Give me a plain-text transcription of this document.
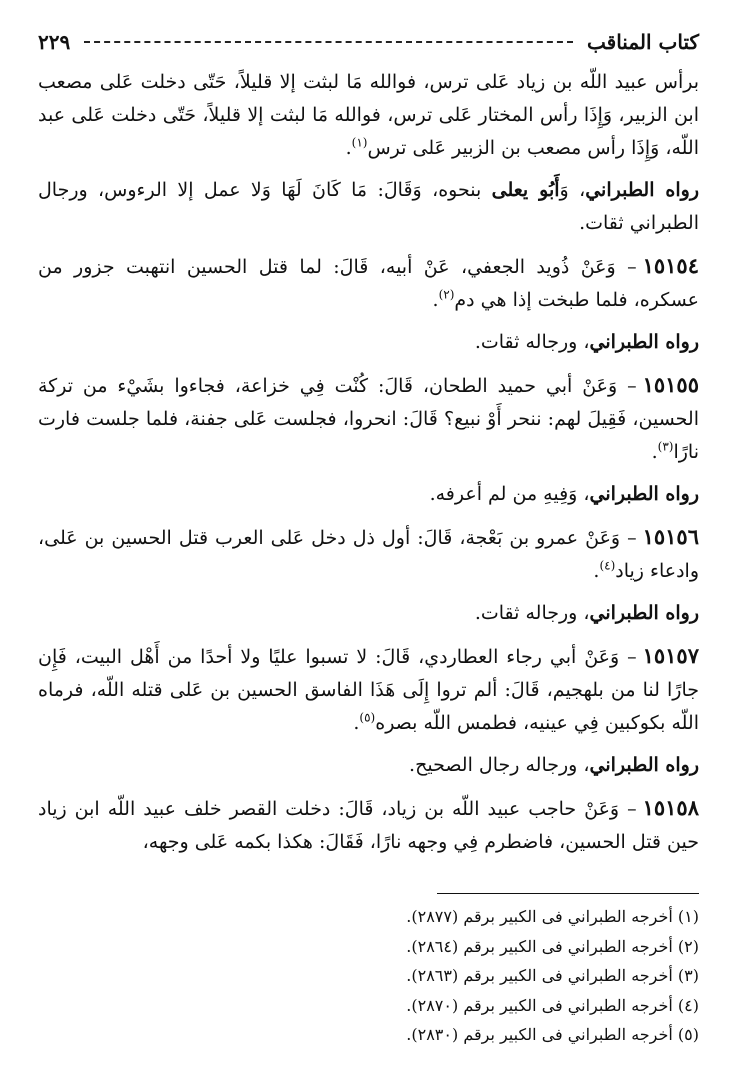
كتاب المناقب
٢٢٩

برأس عبيد اللّه بن زياد عَلى ترس، فوالله مَا لبثت إلا قليلاً، حَتّى دخلت عَلى مصعب ابن الزبير، وَإِذَا رأس المختار عَلى ترس، فوالله مَا لبثت إلا قليلاً، حَتّى دخلت عَلى عبد اللّه، وَإِذَا رأس مصعب بن الزبير عَلى ترس$^{(١)}$.

رواه الطبراني، وَأَبُو يعلى بنحوه، وَقَالَ: مَا كَانَ لَهَا وَلا عمل إلا الرءوس، ورجال الطبراني ثقات.

١٥١٥٤– وَعَنْ ذُويد الجعفي، عَنْ أبيه، قَالَ: لما قتل الحسين انتهبت جزور من عسكره، فلما طبخت إذا هي دم$^{(٢)}$.

رواه الطبراني، ورجاله ثقات.

١٥١٥٥– وَعَنْ أبي حميد الطحان، قَالَ: كُنْت فِي خزاعة، فجاءوا بشَيْء من تركة الحسين، فَقِيلَ لهم: ننحر أَوْ نبيع؟ قَالَ: انحروا، فجلست عَلى جفنة، فلما جلست فارت نارًا$^{(٣)}$.

رواه الطبراني، وَفِيهِ من لم أعرفه.

١٥١٥٦– وَعَنْ عمرو بن بَعْجة، قَالَ: أول ذل دخل عَلى العرب قتل الحسين بن عَلى، وادعاء زياد$^{(٤)}$.

رواه الطبراني، ورجاله ثقات.

١٥١٥٧– وَعَنْ أبي رجاء العطاردي، قَالَ: لا تسبوا عليًا ولا أحدًا من أَهْل البيت، فَإِن جارًا لنا من بلهجيم، قَالَ: ألم تروا إِلَى هَذَا الفاسق الحسين بن عَلى قتله اللّه، فرماه اللّه بكوكبين فِي عينيه، فطمس اللّه بصره$^{(٥)}$.

رواه الطبراني، ورجاله رجال الصحيح.

١٥١٥٨– وَعَنْ حاجب عبيد اللّه بن زياد، قَالَ: دخلت القصر خلف عبيد اللّه ابن زياد حين قتل الحسين، فاضطرم فِي وجهه نارًا، فَقَالَ: هكذا بكمه عَلى وجهه،

(١) أخرجه الطبراني فى الكبير برقم (٢٨٧٧).

(٢) أخرجه الطبراني فى الكبير برقم (٢٨٦٤).

(٣) أخرجه الطبراني فى الكبير برقم (٢٨٦٣).

(٤) أخرجه الطبراني فى الكبير برقم (٢٨٧٠).

(٥) أخرجه الطبراني فى الكبير برقم (٢٨٣٠).
